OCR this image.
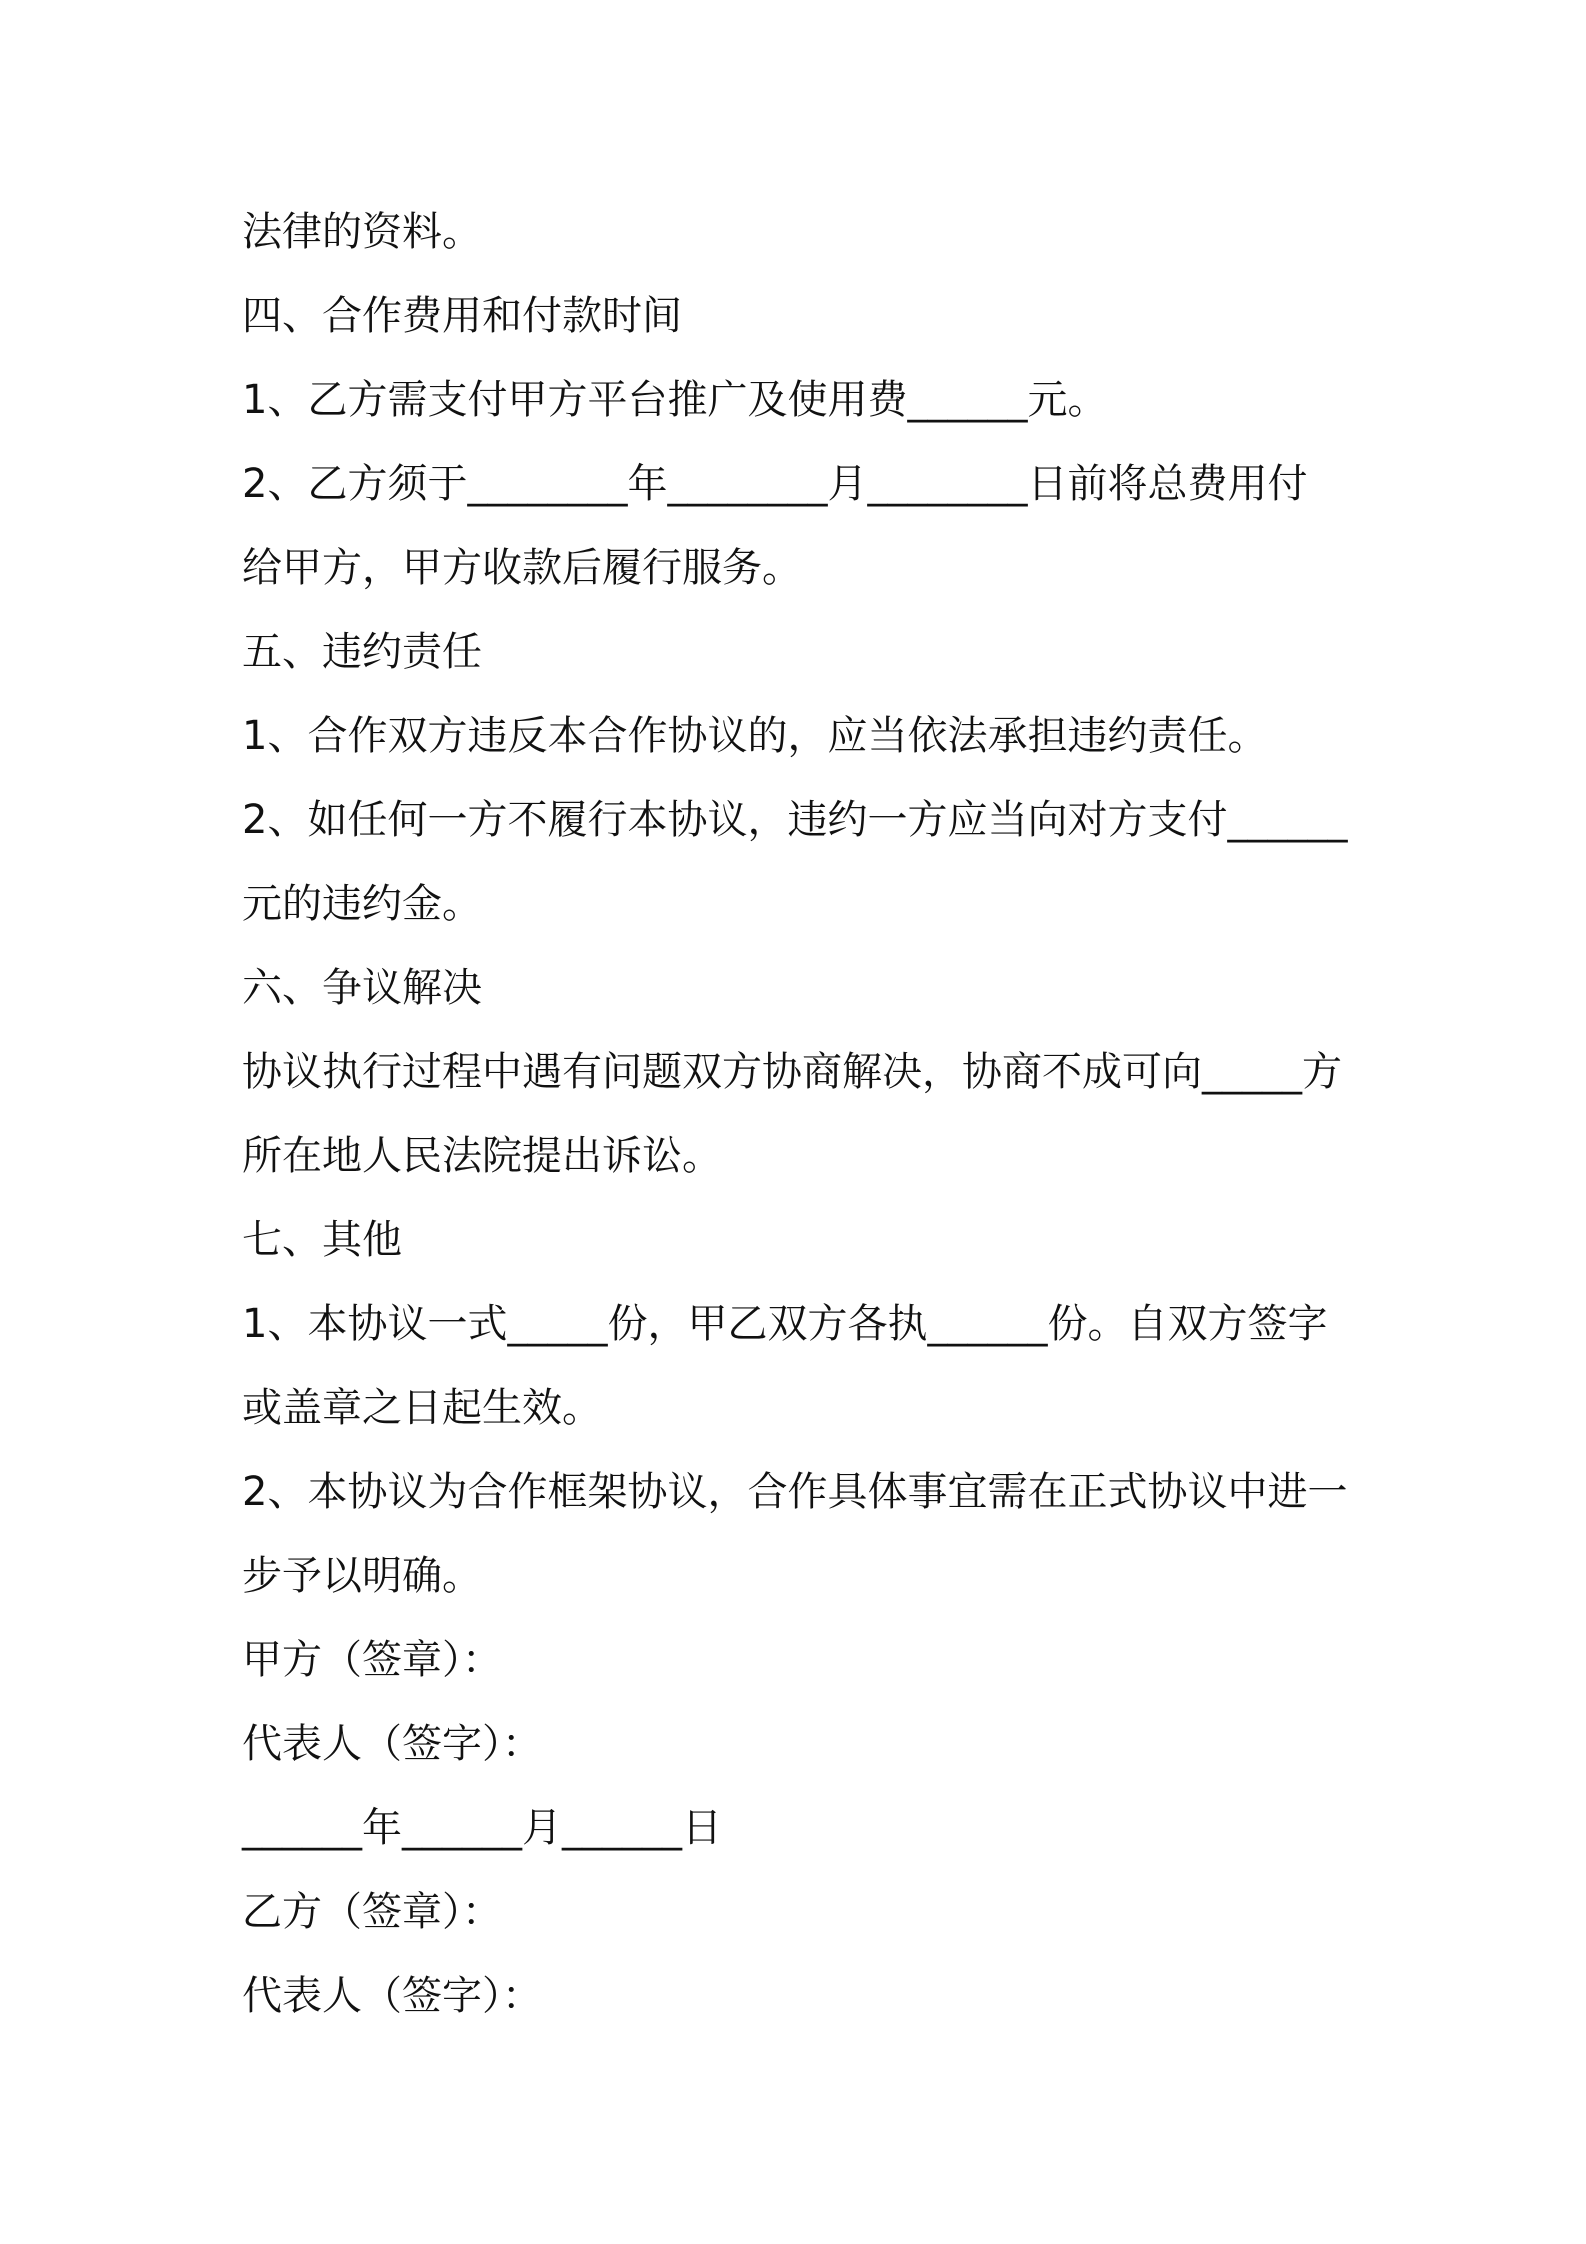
法律的资料。

四、合作费用和付款时间

1、乙方需支付甲方平台推广及使用费______元。

2、乙方须于________年________月________日前将总费用付

给甲方，甲方收款后履行服务。

五、违约责任

1、合作双方违反本合作协议的，应当依法承担违约责任。

2、如任何一方不履行本协议，违约一方应当向对方支付______

元的违约金。

六、争议解决

协议执行过程中遇有问题双方协商解决，协商不成可向_____方

所在地人民法院提出诉讼。

七、其他

1、本协议一式_____份，甲乙双方各执______份。自双方签字

或盖章之日起生效。

2、本协议为合作框架协议，合作具体事宜需在正式协议中进一

步予以明确。

甲方（签章）：

代表人（签字）：

______年______月______日

乙方（签章）：

代表人（签字）：
